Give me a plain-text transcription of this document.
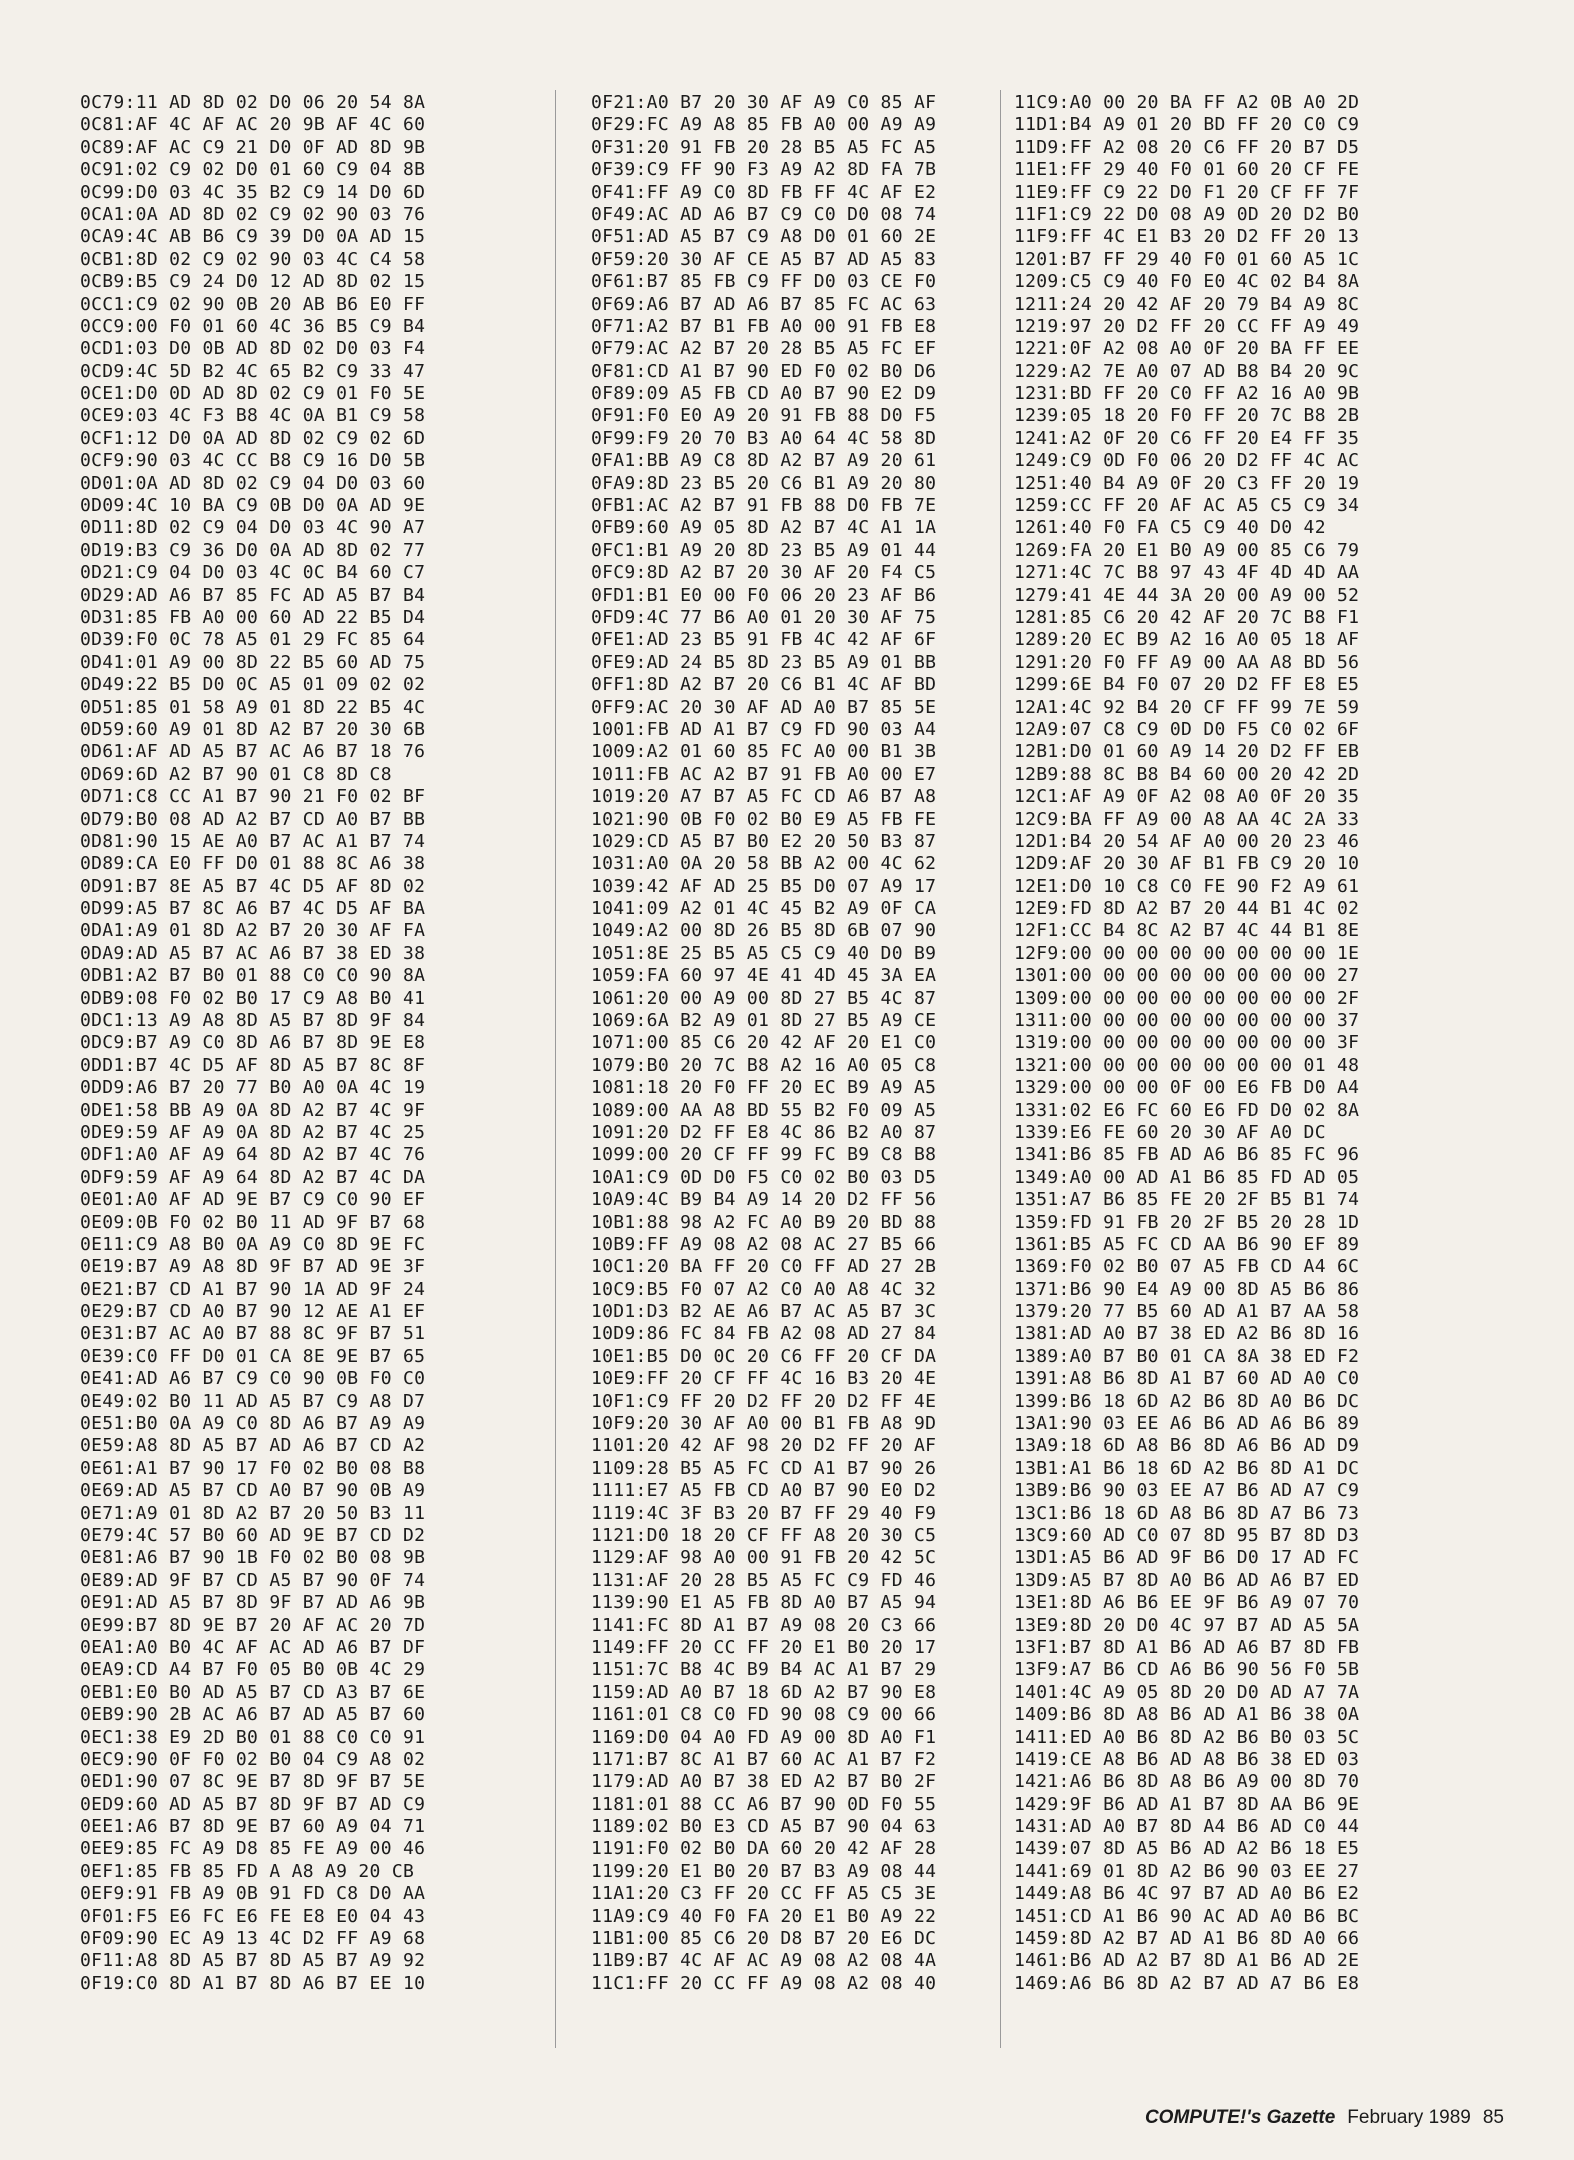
0C79:11 AD 8D 02 D0 06 20 54 8A
0C81:AF 4C AF AC 20 9B AF 4C 60
0C89:AF AC C9 21 D0 0F AD 8D 9B
0C91:02 C9 02 D0 01 60 C9 04 8B
0C99:D0 03 4C 35 B2 C9 14 D0 6D
0CA1:0A AD 8D 02 C9 02 90 03 76
0CA9:4C AB B6 C9 39 D0 0A AD 15
0CB1:8D 02 C9 02 90 03 4C C4 58
0CB9:B5 C9 24 D0 12 AD 8D 02 15
0CC1:C9 02 90 0B 20 AB B6 E0 FF
0CC9:00 F0 01 60 4C 36 B5 C9 B4
0CD1:03 D0 0B AD 8D 02 D0 03 F4
0CD9:4C 5D B2 4C 65 B2 C9 33 47
0CE1:D0 0D AD 8D 02 C9 01 F0 5E
0CE9:03 4C F3 B8 4C 0A B1 C9 58
0CF1:12 D0 0A AD 8D 02 C9 02 6D
0CF9:90 03 4C CC B8 C9 16 D0 5B
0D01:0A AD 8D 02 C9 04 D0 03 60
0D09:4C 10 BA C9 0B D0 0A AD 9E
0D11:8D 02 C9 04 D0 03 4C 90 A7
0D19:B3 C9 36 D0 0A AD 8D 02 77
0D21:C9 04 D0 03 4C 0C B4 60 C7
0D29:AD A6 B7 85 FC AD A5 B7 B4
0D31:85 FB A0 00 60 AD 22 B5 D4
0D39:F0 0C 78 A5 01 29 FC 85 64
0D41:01 A9 00 8D 22 B5 60 AD 75
0D49:22 B5 D0 0C A5 01 09 02 02
0D51:85 01 58 A9 01 8D 22 B5 4C
0D59:60 A9 01 8D A2 B7 20 30 6B
0D61:AF AD A5 B7 AC A6 B7 18 76
0D69:6D A2 B7 90 01 C8 8D C8
0D71:C8 CC A1 B7 90 21 F0 02 BF
0D79:B0 08 AD A2 B7 CD A0 B7 BB
0D81:90 15 AE A0 B7 AC A1 B7 74
0D89:CA E0 FF D0 01 88 8C A6 38
0D91:B7 8E A5 B7 4C D5 AF 8D 02
0D99:A5 B7 8C A6 B7 4C D5 AF BA
0DA1:A9 01 8D A2 B7 20 30 AF FA
0DA9:AD A5 B7 AC A6 B7 38 ED 38
0DB1:A2 B7 B0 01 88 C0 C0 90 8A
0DB9:08 F0 02 B0 17 C9 A8 B0 41
0DC1:13 A9 A8 8D A5 B7 8D 9F 84
0DC9:B7 A9 C0 8D A6 B7 8D 9E E8
0DD1:B7 4C D5 AF 8D A5 B7 8C 8F
0DD9:A6 B7 20 77 B0 A0 0A 4C 19
0DE1:58 BB A9 0A 8D A2 B7 4C 9F
0DE9:59 AF A9 0A 8D A2 B7 4C 25
0DF1:A0 AF A9 64 8D A2 B7 4C 76
0DF9:59 AF A9 64 8D A2 B7 4C DA
0E01:A0 AF AD 9E B7 C9 C0 90 EF
0E09:0B F0 02 B0 11 AD 9F B7 68
0E11:C9 A8 B0 0A A9 C0 8D 9E FC
0E19:B7 A9 A8 8D 9F B7 AD 9E 3F
0E21:B7 CD A1 B7 90 1A AD 9F 24
0E29:B7 CD A0 B7 90 12 AE A1 EF
0E31:B7 AC A0 B7 88 8C 9F B7 51
0E39:C0 FF D0 01 CA 8E 9E B7 65
0E41:AD A6 B7 C9 C0 90 0B F0 C0
0E49:02 B0 11 AD A5 B7 C9 A8 D7
0E51:B0 0A A9 C0 8D A6 B7 A9 A9
0E59:A8 8D A5 B7 AD A6 B7 CD A2
0E61:A1 B7 90 17 F0 02 B0 08 B8
0E69:AD A5 B7 CD A0 B7 90 0B A9
0E71:A9 01 8D A2 B7 20 50 B3 11
0E79:4C 57 B0 60 AD 9E B7 CD D2
0E81:A6 B7 90 1B F0 02 B0 08 9B
0E89:AD 9F B7 CD A5 B7 90 0F 74
0E91:AD A5 B7 8D 9F B7 AD A6 9B
0E99:B7 8D 9E B7 20 AF AC 20 7D
0EA1:A0 B0 4C AF AC AD A6 B7 DF
0EA9:CD A4 B7 F0 05 B0 0B 4C 29
0EB1:E0 B0 AD A5 B7 CD A3 B7 6E
0EB9:90 2B AC A6 B7 AD A5 B7 60
0EC1:38 E9 2D B0 01 88 C0 C0 91
0EC9:90 0F F0 02 B0 04 C9 A8 02
0ED1:90 07 8C 9E B7 8D 9F B7 5E
0ED9:60 AD A5 B7 8D 9F B7 AD C9
0EE1:A6 B7 8D 9E B7 60 A9 04 71
0EE9:85 FC A9 D8 85 FE A9 00 46
0EF1:85 FB 85 FD A A8 A9 20 CB
0EF9:91 FB A9 0B 91 FD C8 D0 AA
0F01:F5 E6 FC E6 FE E8 E0 04 43
0F09:90 EC A9 13 4C D2 FF A9 68
0F11:A8 8D A5 B7 8D A5 B7 A9 92
0F19:C0 8D A1 B7 8D A6 B7 EE 10
0F21:A0 B7 20 30 AF A9 C0 85 AF
0F29:FC A9 A8 85 FB A0 00 A9 A9
0F31:20 91 FB 20 28 B5 A5 FC A5
0F39:C9 FF 90 F3 A9 A2 8D FA 7B
0F41:FF A9 C0 8D FB FF 4C AF E2
0F49:AC AD A6 B7 C9 C0 D0 08 74
0F51:AD A5 B7 C9 A8 D0 01 60 2E
0F59:20 30 AF CE A5 B7 AD A5 83
0F61:B7 85 FB C9 FF D0 03 CE F0
0F69:A6 B7 AD A6 B7 85 FC AC 63
0F71:A2 B7 B1 FB A0 00 91 FB E8
0F79:AC A2 B7 20 28 B5 A5 FC EF
0F81:CD A1 B7 90 ED F0 02 B0 D6
0F89:09 A5 FB CD A0 B7 90 E2 D9
0F91:F0 E0 A9 20 91 FB 88 D0 F5
0F99:F9 20 70 B3 A0 64 4C 58 8D
0FA1:BB A9 C8 8D A2 B7 A9 20 61
0FA9:8D 23 B5 20 C6 B1 A9 20 80
0FB1:AC A2 B7 91 FB 88 D0 FB 7E
0FB9:60 A9 05 8D A2 B7 4C A1 1A
0FC1:B1 A9 20 8D 23 B5 A9 01 44
0FC9:8D A2 B7 20 30 AF 20 F4 C5
0FD1:B1 E0 00 F0 06 20 23 AF B6
0FD9:4C 77 B6 A0 01 20 30 AF 75
0FE1:AD 23 B5 91 FB 4C 42 AF 6F
0FE9:AD 24 B5 8D 23 B5 A9 01 BB
0FF1:8D A2 B7 20 C6 B1 4C AF BD
0FF9:AC 20 30 AF AD A0 B7 85 5E
1001:FB AD A1 B7 C9 FD 90 03 A4
1009:A2 01 60 85 FC A0 00 B1 3B
1011:FB AC A2 B7 91 FB A0 00 E7
1019:20 A7 B7 A5 FC CD A6 B7 A8
1021:90 0B F0 02 B0 E9 A5 FB FE
1029:CD A5 B7 B0 E2 20 50 B3 87
1031:A0 0A 20 58 BB A2 00 4C 62
1039:42 AF AD 25 B5 D0 07 A9 17
1041:09 A2 01 4C 45 B2 A9 0F CA
1049:A2 00 8D 26 B5 8D 6B 07 90
1051:8E 25 B5 A5 C5 C9 40 D0 B9
1059:FA 60 97 4E 41 4D 45 3A EA
1061:20 00 A9 00 8D 27 B5 4C 87
1069:6A B2 A9 01 8D 27 B5 A9 CE
1071:00 85 C6 20 42 AF 20 E1 C0
1079:B0 20 7C B8 A2 16 A0 05 C8
1081:18 20 F0 FF 20 EC B9 A9 A5
1089:00 AA A8 BD 55 B2 F0 09 A5
1091:20 D2 FF E8 4C 86 B2 A0 87
1099:00 20 CF FF 99 FC B9 C8 B8
10A1:C9 0D D0 F5 C0 02 B0 03 D5
10A9:4C B9 B4 A9 14 20 D2 FF 56
10B1:88 98 A2 FC A0 B9 20 BD 88
10B9:FF A9 08 A2 08 AC 27 B5 66
10C1:20 BA FF 20 C0 FF AD 27 2B
10C9:B5 F0 07 A2 C0 A0 A8 4C 32
10D1:D3 B2 AE A6 B7 AC A5 B7 3C
10D9:86 FC 84 FB A2 08 AD 27 84
10E1:B5 D0 0C 20 C6 FF 20 CF DA
10E9:FF 20 CF FF 4C 16 B3 20 4E
10F1:C9 FF 20 D2 FF 20 D2 FF 4E
10F9:20 30 AF A0 00 B1 FB A8 9D
1101:20 42 AF 98 20 D2 FF 20 AF
1109:28 B5 A5 FC CD A1 B7 90 26
1111:E7 A5 FB CD A0 B7 90 E0 D2
1119:4C 3F B3 20 B7 FF 29 40 F9
1121:D0 18 20 CF FF A8 20 30 C5
1129:AF 98 A0 00 91 FB 20 42 5C
1131:AF 20 28 B5 A5 FC C9 FD 46
1139:90 E1 A5 FB 8D A0 B7 A5 94
1141:FC 8D A1 B7 A9 08 20 C3 66
1149:FF 20 CC FF 20 E1 B0 20 17
1151:7C B8 4C B9 B4 AC A1 B7 29
1159:AD A0 B7 18 6D A2 B7 90 E8
1161:01 C8 C0 FD 90 08 C9 00 66
1169:D0 04 A0 FD A9 00 8D A0 F1
1171:B7 8C A1 B7 60 AC A1 B7 F2
1179:AD A0 B7 38 ED A2 B7 B0 2F
1181:01 88 CC A6 B7 90 0D F0 55
1189:02 B0 E3 CD A5 B7 90 04 63
1191:F0 02 B0 DA 60 20 42 AF 28
1199:20 E1 B0 20 B7 B3 A9 08 44
11A1:20 C3 FF 20 CC FF A5 C5 3E
11A9:C9 40 F0 FA 20 E1 B0 A9 22
11B1:00 85 C6 20 D8 B7 20 E6 DC
11B9:B7 4C AF AC A9 08 A2 08 4A
11C1:FF 20 CC FF A9 08 A2 08 40
11C9:A0 00 20 BA FF A2 0B A0 2D
11D1:B4 A9 01 20 BD FF 20 C0 C9
11D9:FF A2 08 20 C6 FF 20 B7 D5
11E1:FF 29 40 F0 01 60 20 CF FE
11E9:FF C9 22 D0 F1 20 CF FF 7F
11F1:C9 22 D0 08 A9 0D 20 D2 B0
11F9:FF 4C E1 B3 20 D2 FF 20 13
1201:B7 FF 29 40 F0 01 60 A5 1C
1209:C5 C9 40 F0 E0 4C 02 B4 8A
1211:24 20 42 AF 20 79 B4 A9 8C
1219:97 20 D2 FF 20 CC FF A9 49
1221:0F A2 08 A0 0F 20 BA FF EE
1229:A2 7E A0 07 AD B8 B4 20 9C
1231:BD FF 20 C0 FF A2 16 A0 9B
1239:05 18 20 F0 FF 20 7C B8 2B
1241:A2 0F 20 C6 FF 20 E4 FF 35
1249:C9 0D F0 06 20 D2 FF 4C AC
1251:40 B4 A9 0F 20 C3 FF 20 19
1259:CC FF 20 AF AC A5 C5 C9 34
1261:40 F0 FA C5 C9 40 D0 42
1269:FA 20 E1 B0 A9 00 85 C6 79
1271:4C 7C B8 97 43 4F 4D 4D AA
1279:41 4E 44 3A 20 00 A9 00 52
1281:85 C6 20 42 AF 20 7C B8 F1
1289:20 EC B9 A2 16 A0 05 18 AF
1291:20 F0 FF A9 00 AA A8 BD 56
1299:6E B4 F0 07 20 D2 FF E8 E5
12A1:4C 92 B4 20 CF FF 99 7E 59
12A9:07 C8 C9 0D D0 F5 C0 02 6F
12B1:D0 01 60 A9 14 20 D2 FF EB
12B9:88 8C B8 B4 60 00 20 42 2D
12C1:AF A9 0F A2 08 A0 0F 20 35
12C9:BA FF A9 00 A8 AA 4C 2A 33
12D1:B4 20 54 AF A0 00 20 23 46
12D9:AF 20 30 AF B1 FB C9 20 10
12E1:D0 10 C8 C0 FE 90 F2 A9 61
12E9:FD 8D A2 B7 20 44 B1 4C 02
12F1:CC B4 8C A2 B7 4C 44 B1 8E
12F9:00 00 00 00 00 00 00 00 1E
1301:00 00 00 00 00 00 00 00 27
1309:00 00 00 00 00 00 00 00 2F
1311:00 00 00 00 00 00 00 00 37
1319:00 00 00 00 00 00 00 00 3F
1321:00 00 00 00 00 00 00 01 48
1329:00 00 00 0F 00 E6 FB D0 A4
1331:02 E6 FC 60 E6 FD D0 02 8A
1339:E6 FE 60 20 30 AF A0 DC
1341:B6 85 FB AD A6 B6 85 FC 96
1349:A0 00 AD A1 B6 85 FD AD 05
1351:A7 B6 85 FE 20 2F B5 B1 74
1359:FD 91 FB 20 2F B5 20 28 1D
1361:B5 A5 FC CD AA B6 90 EF 89
1369:F0 02 B0 07 A5 FB CD A4 6C
1371:B6 90 E4 A9 00 8D A5 B6 86
1379:20 77 B5 60 AD A1 B7 AA 58
1381:AD A0 B7 38 ED A2 B6 8D 16
1389:A0 B7 B0 01 CA 8A 38 ED F2
1391:A8 B6 8D A1 B7 60 AD A0 C0
1399:B6 18 6D A2 B6 8D A0 B6 DC
13A1:90 03 EE A6 B6 AD A6 B6 89
13A9:18 6D A8 B6 8D A6 B6 AD D9
13B1:A1 B6 18 6D A2 B6 8D A1 DC
13B9:B6 90 03 EE A7 B6 AD A7 C9
13C1:B6 18 6D A8 B6 8D A7 B6 73
13C9:60 AD C0 07 8D 95 B7 8D D3
13D1:A5 B6 AD 9F B6 D0 17 AD FC
13D9:A5 B7 8D A0 B6 AD A6 B7 ED
13E1:8D A6 B6 EE 9F B6 A9 07 70
13E9:8D 20 D0 4C 97 B7 AD A5 5A
13F1:B7 8D A1 B6 AD A6 B7 8D FB
13F9:A7 B6 CD A6 B6 90 56 F0 5B
1401:4C A9 05 8D 20 D0 AD A7 7A
1409:B6 8D A8 B6 AD A1 B6 38 0A
1411:ED A0 B6 8D A2 B6 B0 03 5C
1419:CE A8 B6 AD A8 B6 38 ED 03
1421:A6 B6 8D A8 B6 A9 00 8D 70
1429:9F B6 AD A1 B7 8D AA B6 9E
1431:AD A0 B7 8D A4 B6 AD C0 44
1439:07 8D A5 B6 AD A2 B6 18 E5
1441:69 01 8D A2 B6 90 03 EE 27
1449:A8 B6 4C 97 B7 AD A0 B6 E2
1451:CD A1 B6 90 AC AD A0 B6 BC
1459:8D A2 B7 AD A1 B6 8D A0 66
1461:B6 AD A2 B7 8D A1 B6 AD 2E
1469:A6 B6 8D A2 B7 AD A7 B6 E8
COMPUTE!'s Gazette February 1989 85
